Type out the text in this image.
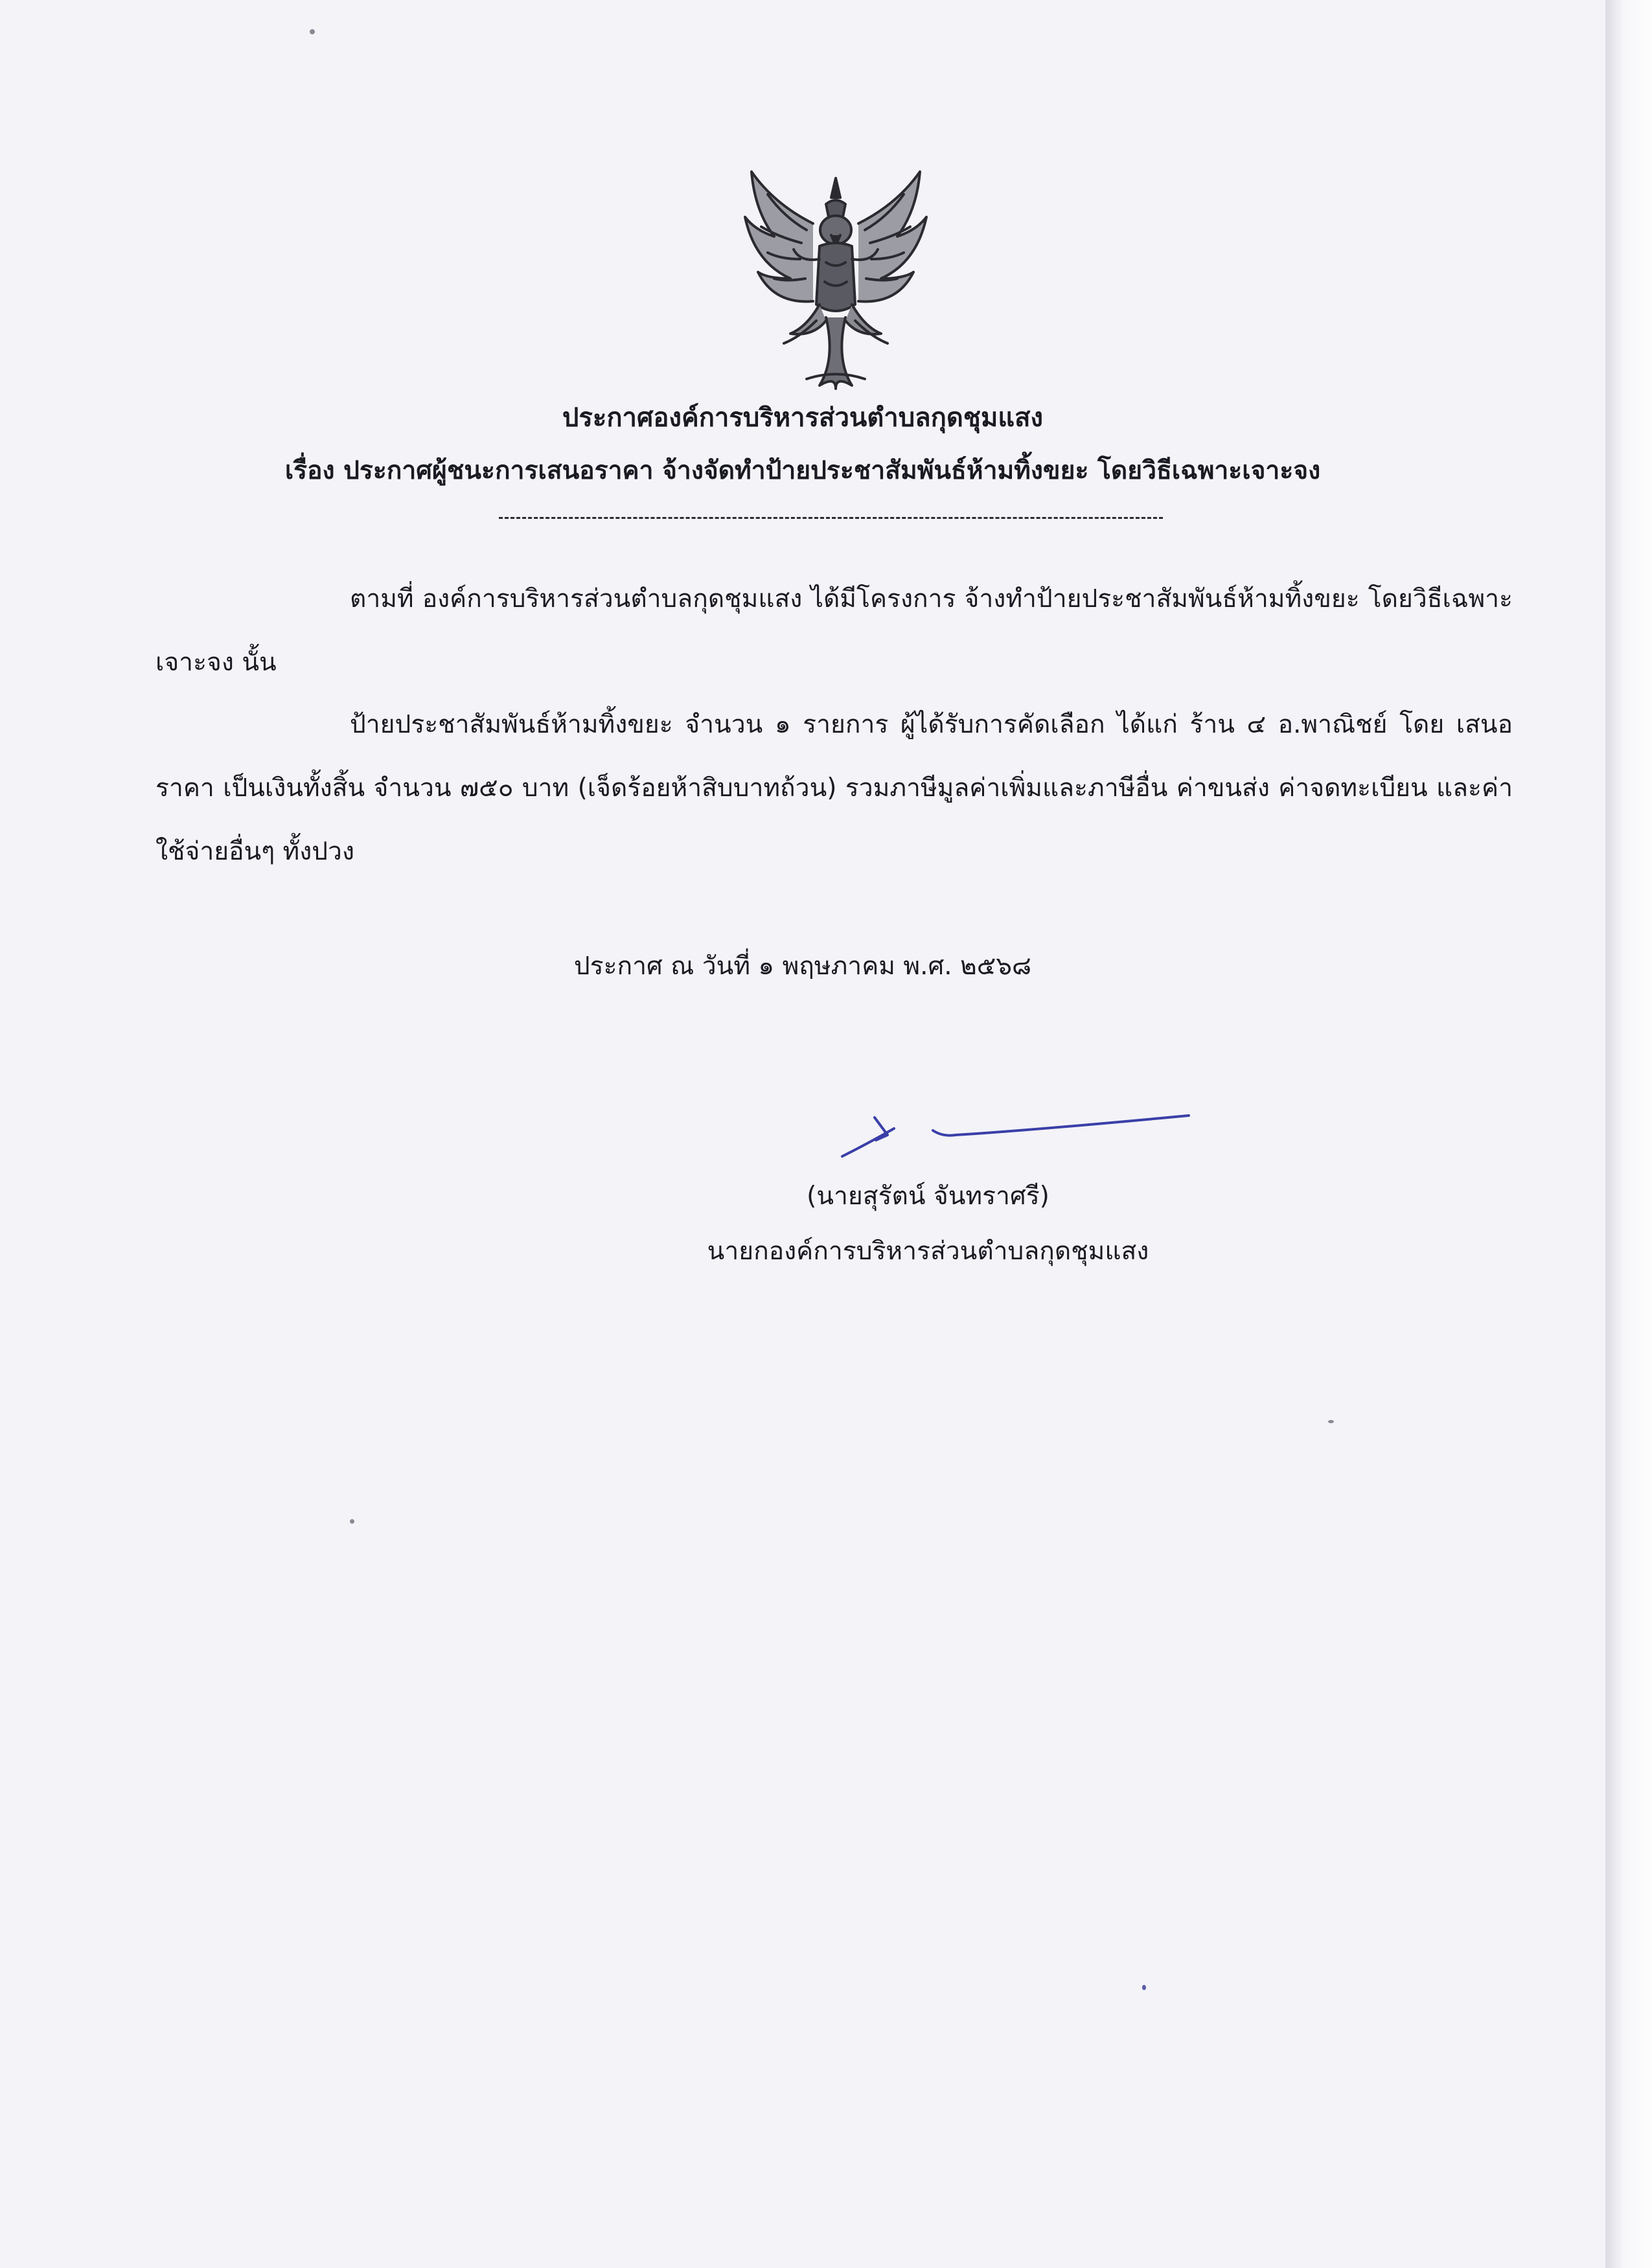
ประกาศองค์การบริหารส่วนตำบลกุดชุมแสง
เรื่อง ประกาศผู้ชนะการเสนอราคา จ้างจัดทำป้ายประชาสัมพันธ์ห้ามทิ้งขยะ โดยวิธีเฉพาะเจาะจง
ตามที่ องค์การบริหารส่วนตำบลกุดชุมแสง ได้มีโครงการ จ้างทำป้ายประชาสัมพันธ์ห้ามทิ้งขยะ โดยวิธีเฉพาะเจาะจง นั้น
ป้ายประชาสัมพันธ์ห้ามทิ้งขยะ จำนวน ๑ รายการ ผู้ได้รับการคัดเลือก ได้แก่ ร้าน ๔ อ.พาณิชย์ โดย เสนอราคา เป็นเงินทั้งสิ้น จำนวน ๗๕๐ บาท (เจ็ดร้อยห้าสิบบาทถ้วน) รวมภาษีมูลค่าเพิ่มและภาษีอื่น ค่าขนส่ง ค่าจดทะเบียน และค่าใช้จ่ายอื่นๆ ทั้งปวง
ประกาศ ณ วันที่ ๑ พฤษภาคม พ.ศ. ๒๕๖๘
(นายสุรัตน์ จันทราศรี)
นายกองค์การบริหารส่วนตำบลกุดชุมแสง
